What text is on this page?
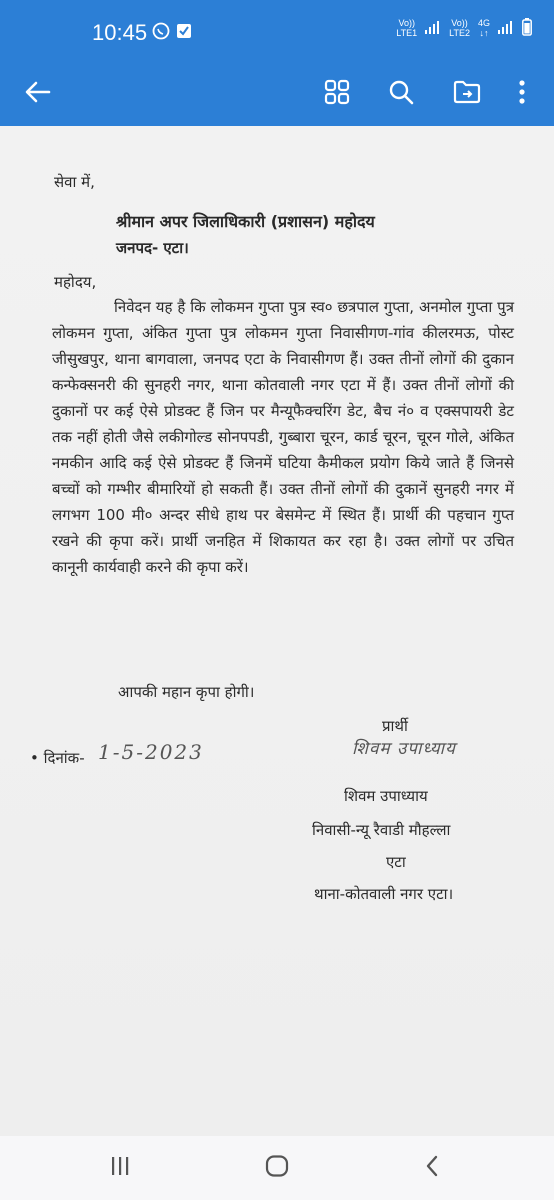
10:45	Vo))
LTE1
Vo))
LTE2
4G
↓↑
सेवा में,
श्रीमान अपर जिलाधिकारी (प्रशासन) महोदय
जनपद- एटा।
महोदय,
निवेदन यह है कि लोकमन गुप्ता पुत्र स्व० छत्रपाल गुप्ता, अनमोल गुप्ता पुत्र लोकमन गुप्ता, अंकित गुप्ता पुत्र लोकमन गुप्ता निवासीगण-गांव कीलरमऊ, पोस्ट जीसुखपुर, थाना बागवाला, जनपद एटा के निवासीगण हैं। उक्त तीनों लोगों की दुकान कन्फेक्सनरी की सुनहरी नगर, थाना कोतवाली नगर एटा में हैं। उक्त तीनों लोगों की दुकानों पर कई ऐसे प्रोडक्ट हैं जिन पर मैन्यूफैक्चरिंग डेट, बैच नं० व एक्सपायरी डेट तक नहीं होती जैसे लकीगोल्ड सोनपपडी, गुब्बारा चूरन, कार्ड चूरन, चूरन गोले, अंकित नमकीन आदि कई ऐसे प्रोडक्ट हैं जिनमें घटिया कैमीकल प्रयोग किये जाते हैं जिनसे बच्चों को गम्भीर बीमारियों हो सकती हैं। उक्त तीनों लोगों की दुकानें सुनहरी नगर में लगभग 100 मी० अन्दर सीधे हाथ पर बेसमेन्ट में स्थित हैं। प्रार्थी की पहचान गुप्त रखने की कृपा करें। प्रार्थी जनहित में शिकायत कर रहा है। उक्त लोगों पर उचित कानूनी कार्यवाही करने की कृपा करें।
आपकी महान कृपा होगी।
प्रार्थी
शिवम उपाध्याय
• दिनांक- 1-5-2023
शिवम उपाध्याय
निवासी-न्यू रैवाडी मौहल्ला
एटा
थाना-कोतवाली नगर एटा।
